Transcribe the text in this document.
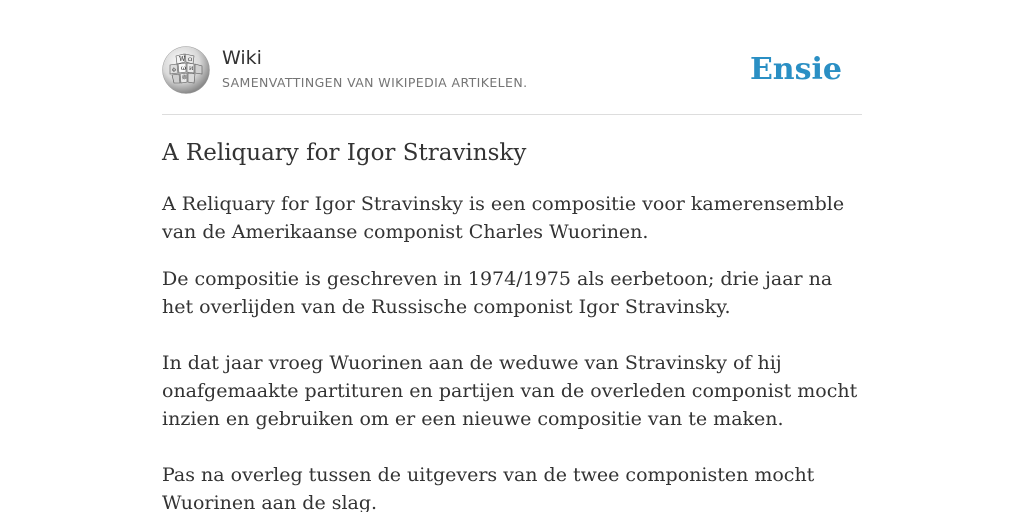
W Ω
ω И
ф
維
Wiki
SAMENVATTINGEN VAN WIKIPEDIA ARTIKELEN.	Ensie
A Reliquary for Igor Stravinsky

A Reliquary for Igor Stravinsky is een compositie voor kamerensemble van de Amerikaanse componist Charles Wuorinen.

De compositie is geschreven in 1974/1975 als eerbetoon; drie jaar na het overlijden van de Russische componist Igor Stravinsky.

In dat jaar vroeg Wuorinen aan de weduwe van Stravinsky of hij onafgemaakte partituren en partijen van de overleden componist mocht inzien en gebruiken om er een nieuwe compositie van te maken.

Pas na overleg tussen de uitgevers van de twee componisten mocht Wuorinen aan de slag.
